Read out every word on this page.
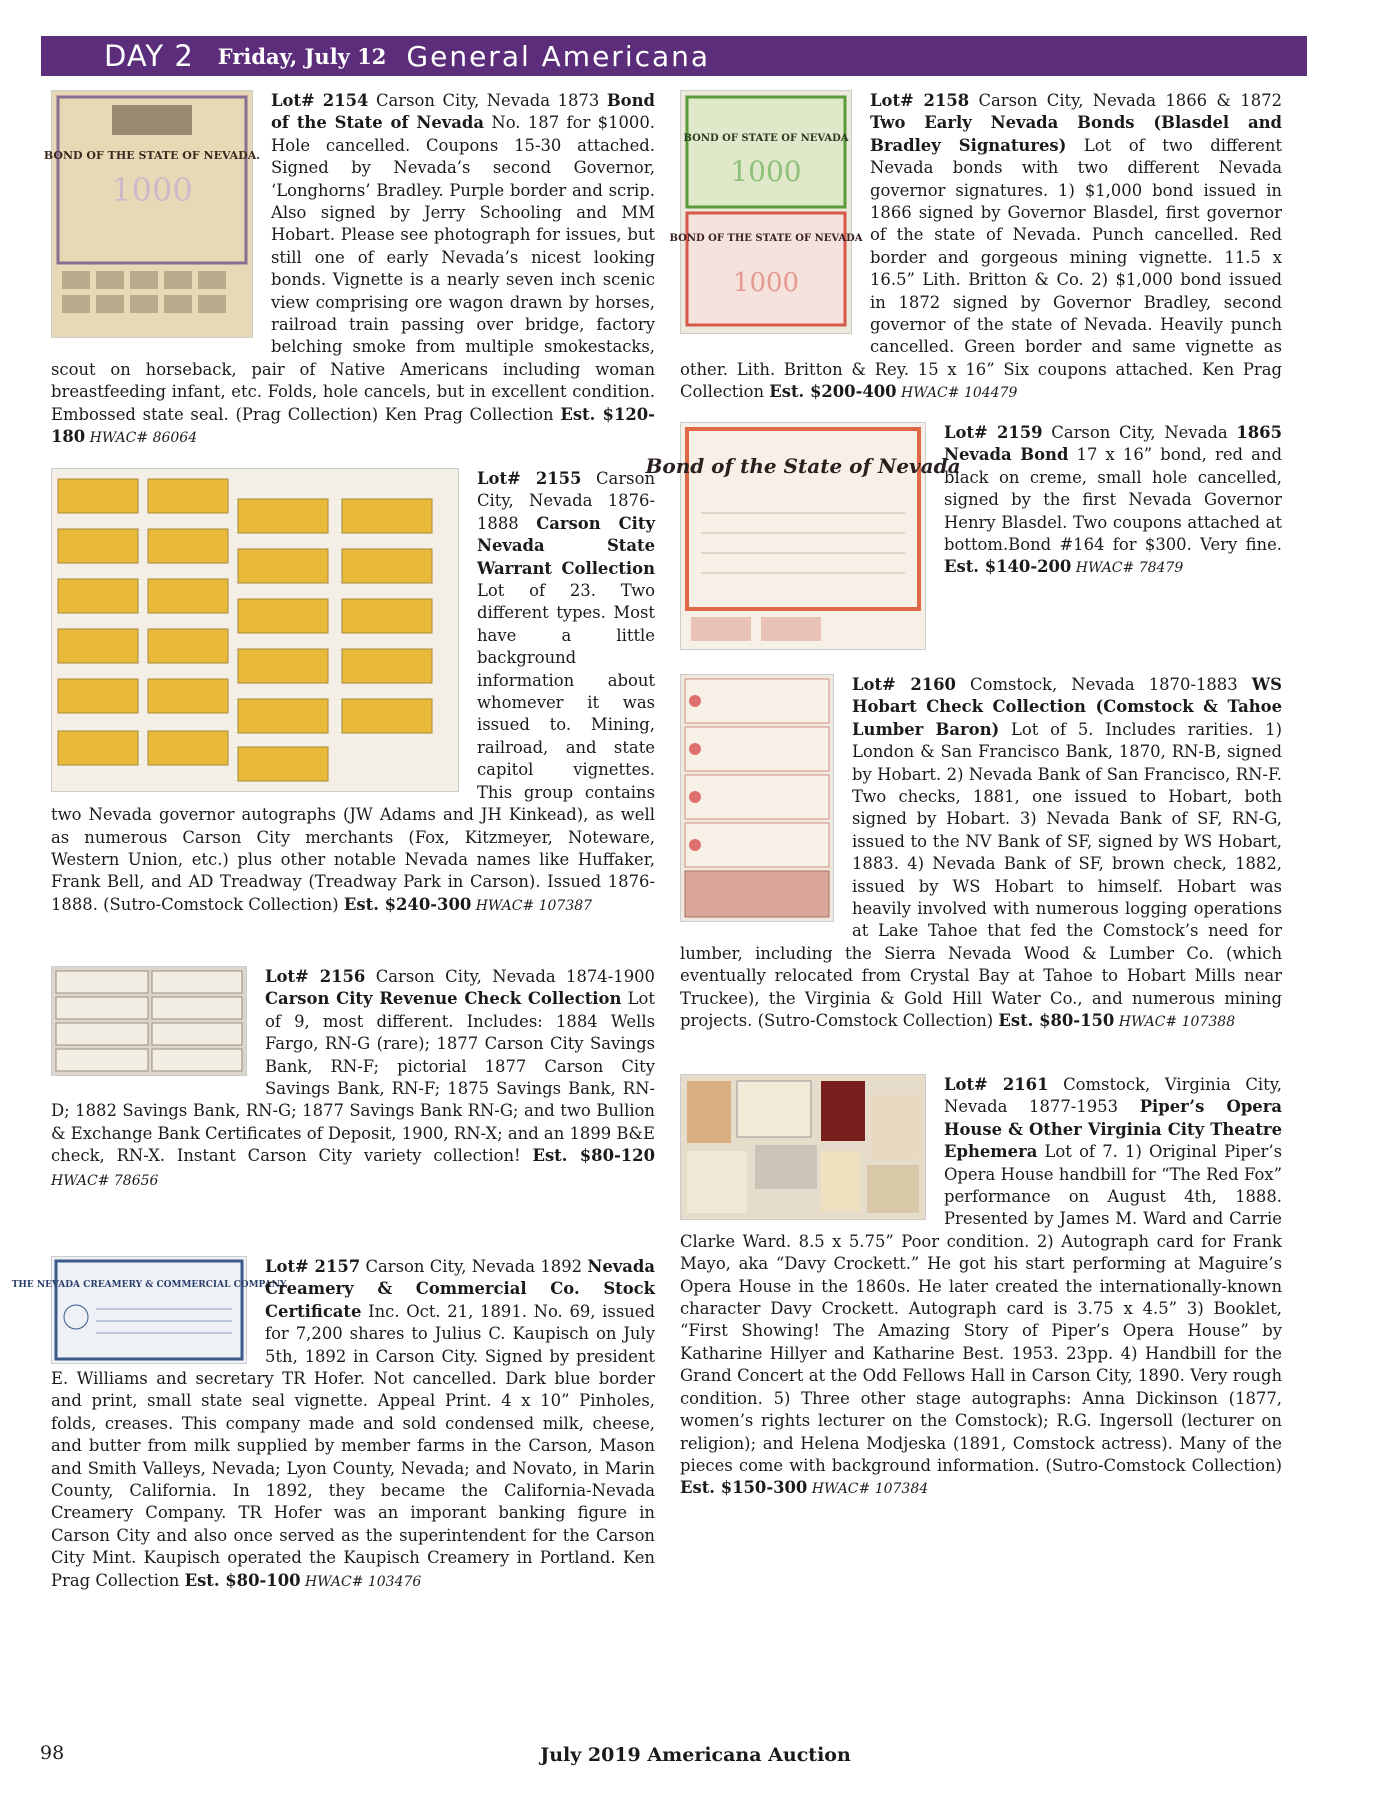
DAY 2 Friday, July 12 General Americana
BOND OF THE STATE OF NEVADA.
1000

Lot# 2154 Carson City, Nevada 1873 Bond of the State of Nevada No. 187 for $1000. Hole cancelled. Coupons 15-30 attached. Signed by Nevada’s second Governor, ‘Longhorns’ Bradley. Purple border and scrip. Also signed by Jerry Schooling and MM Hobart. Please see photograph for issues, but still one of early Nevada’s nicest looking bonds. Vignette is a nearly seven inch scenic view comprising ore wagon drawn by horses, railroad train passing over bridge, factory belching smoke from multiple smokestacks, scout on horseback, pair of Native Americans including woman breastfeeding infant, etc. Folds, hole cancels, but in excellent condition. Embossed state seal. (Prag Collection) Ken Prag Collection Est. $120-180 HWAC# 86064

Lot# 2155 Carson City, Nevada 1876-1888 Carson City Nevada State Warrant Collection Lot of 23. Two different types. Most have a little background information about whomever it was issued to. Mining, railroad, and state capitol vignettes. This group contains two Nevada governor autographs (JW Adams and JH Kinkead), as well as numerous Carson City merchants (Fox, Kitzmeyer, Noteware, Western Union, etc.) plus other notable Nevada names like Huffaker, Frank Bell, and AD Treadway (Treadway Park in Carson). Issued 1876-1888. (Sutro-Comstock Collection) Est. $240-300 HWAC# 107387

Lot# 2156 Carson City, Nevada 1874-1900 Carson City Revenue Check Collection Lot of 9, most different. Includes: 1884 Wells Fargo, RN-G (rare); 1877 Carson City Savings Bank, RN-F; pictorial 1877 Carson City Savings Bank, RN-F; 1875 Savings Bank, RN-D; 1882 Savings Bank, RN-G; 1877 Savings Bank RN-G; and two Bullion & Exchange Bank Certificates of Deposit, 1900, RN-X; and an 1899 B&E check, RN-X. Instant Carson City variety collection! Est. $80-120 HWAC# 78656

THE NEVADA CREAMERY & COMMERCIAL COMPANY

Lot# 2157 Carson City, Nevada 1892 Nevada Creamery & Commercial Co. Stock Certificate Inc. Oct. 21, 1891. No. 69, issued for 7,200 shares to Julius C. Kaupisch on July 5th, 1892 in Carson City. Signed by president E. Williams and secretary TR Hofer. Not cancelled. Dark blue border and print, small state seal vignette. Appeal Print. 4 x 10” Pinholes, folds, creases. This company made and sold condensed milk, cheese, and butter from milk supplied by member farms in the Carson, Mason and Smith Valleys, Nevada; Lyon County, Nevada; and Novato, in Marin County, California. In 1892, they became the California-Nevada Creamery Company. TR Hofer was an imporant banking figure in Carson City and also once served as the superintendent for the Carson City Mint. Kaupisch operated the Kaupisch Creamery in Portland. Ken Prag Collection Est. $80-100 HWAC# 103476

BOND OF STATE OF NEVADA
1000
BOND OF THE STATE OF NEVADA
1000

Lot# 2158 Carson City, Nevada 1866 & 1872 Two Early Nevada Bonds (Blasdel and Bradley Signatures) Lot of two different Nevada bonds with two different Nevada governor signatures. 1) $1,000 bond issued in 1866 signed by Governor Blasdel, first governor of the state of Nevada. Punch cancelled. Red border and gorgeous mining vignette. 11.5 x 16.5” Lith. Britton & Co. 2) $1,000 bond issued in 1872 signed by Governor Bradley, second governor of the state of Nevada. Heavily punch cancelled. Green border and same vignette as other. Lith. Britton & Rey. 15 x 16” Six coupons attached. Ken Prag Collection Est. $200-400 HWAC# 104479

Bond of the State of Nevada

Lot# 2159 Carson City, Nevada 1865 Nevada Bond 17 x 16” bond, red and black on creme, small hole cancelled, signed by the first Nevada Governor Henry Blasdel. Two coupons attached at bottom.Bond #164 for $300. Very fine. Est. $140-200 HWAC# 78479

Lot# 2160 Comstock, Nevada 1870-1883 WS Hobart Check Collection (Comstock & Tahoe Lumber Baron) Lot of 5. Includes rarities. 1) London & San Francisco Bank, 1870, RN-B, signed by Hobart. 2) Nevada Bank of San Francisco, RN-F. Two checks, 1881, one issued to Hobart, both signed by Hobart. 3) Nevada Bank of SF, RN-G, issued to the NV Bank of SF, signed by WS Hobart, 1883. 4) Nevada Bank of SF, brown check, 1882, issued by WS Hobart to himself. Hobart was heavily involved with numerous logging operations at Lake Tahoe that fed the Comstock’s need for lumber, including the Sierra Nevada Wood & Lumber Co. (which eventually relocated from Crystal Bay at Tahoe to Hobart Mills near Truckee), the Virginia & Gold Hill Water Co., and numerous mining projects. (Sutro-Comstock Collection) Est. $80-150 HWAC# 107388

Lot# 2161 Comstock, Virginia City, Nevada 1877-1953 Piper’s Opera House & Other Virginia City Theatre Ephemera Lot of 7. 1) Original Piper’s Opera House handbill for “The Red Fox” performance on August 4th, 1888. Presented by James M. Ward and Carrie Clarke Ward. 8.5 x 5.75” Poor condition. 2) Autograph card for Frank Mayo, aka “Davy Crockett.” He got his start performing at Maguire’s Opera House in the 1860s. He later created the internationally-known character Davy Crockett. Autograph card is 3.75 x 4.5” 3) Booklet, “First Showing! The Amazing Story of Piper’s Opera House” by Katharine Hillyer and Katharine Best. 1953. 23pp. 4) Handbill for the Grand Concert at the Odd Fellows Hall in Carson City, 1890. Very rough condition. 5) Three other stage autographs: Anna Dickinson (1877, women’s rights lecturer on the Comstock); R.G. Ingersoll (lecturer on religion); and Helena Modjeska (1891, Comstock actress). Many of the pieces come with background information. (Sutro-Comstock Collection) Est. $150-300 HWAC# 107384

98	July 2019 Americana Auction
